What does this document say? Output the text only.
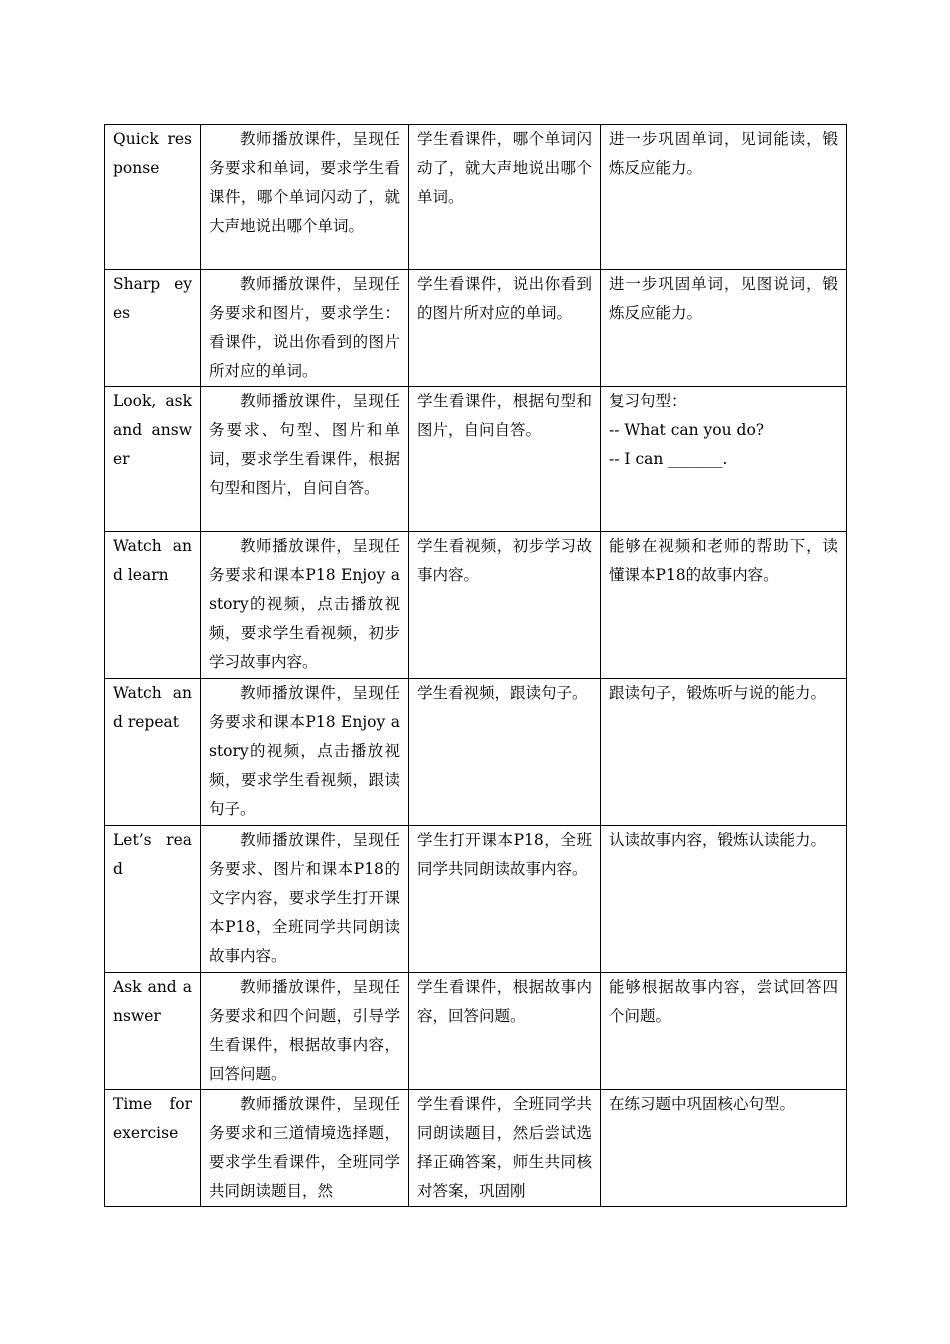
Quick response	教师播放课件，呈现任务要求和单词，要求学生看课件，哪个单词闪动了，就大声地说出哪个单词。	学生看课件，哪个单词闪动了，就大声地说出哪个单词。	进一步巩固单词，见词能读，锻炼反应能力。
Sharp eyes	教师播放课件，呈现任务要求和图片，要求学生：看课件，说出你看到的图片所对应的单词。	学生看课件，说出你看到的图片所对应的单词。	进一步巩固单词，见图说词，锻炼反应能力。
Look, ask and answer	教师播放课件，呈现任务要求、句型、图片和单词，要求学生看课件，根据句型和图片，自问自答。	学生看课件，根据句型和图片，自问自答。	复习句型：
-- What can you do?
-- I can _______.

Watch and learn	教师播放课件，呈现任务要求和课本P18 Enjoy a story的视频，点击播放视频，要求学生看视频，初步学习故事内容。	学生看视频，初步学习故事内容。	能够在视频和老师的帮助下，读懂课本P18的故事内容。
Watch and repeat	教师播放课件，呈现任务要求和课本P18 Enjoy a story的视频，点击播放视频，要求学生看视频，跟读句子。	学生看视频，跟读句子。	跟读句子，锻炼听与说的能力。
Let’s read	教师播放课件，呈现任务要求、图片和课本P18的文字内容，要求学生打开课本P18，全班同学共同朗读故事内容。	学生打开课本P18，全班同学共同朗读故事内容。	认读故事内容，锻炼认读能力。
Ask and answer	教师播放课件，呈现任务要求和四个问题，引导学生看课件，根据故事内容，回答问题。	学生看课件，根据故事内容，回答问题。	能够根据故事内容，尝试回答四个问题。
Time for exercise	教师播放课件，呈现任务要求和三道情境选择题，要求学生看课件，全班同学共同朗读题目，然	学生看课件，全班同学共同朗读题目，然后尝试选择正确答案，师生共同核对答案，巩固刚	在练习题中巩固核心句型。
